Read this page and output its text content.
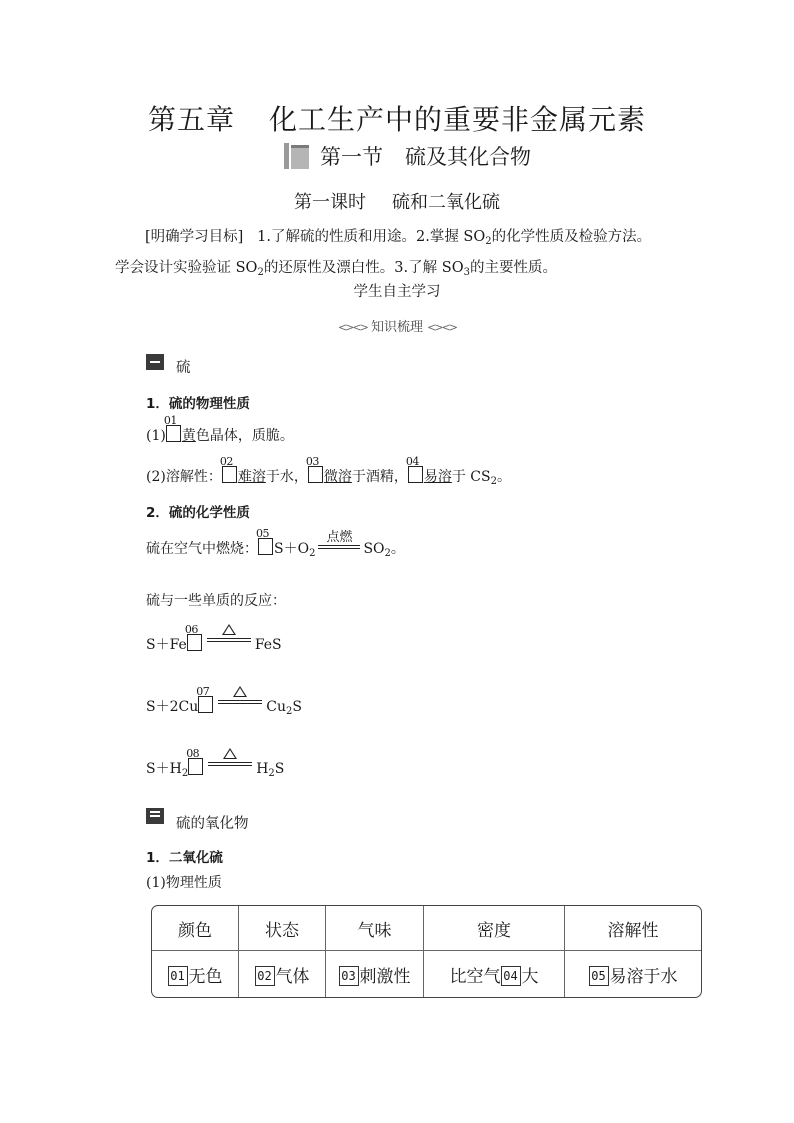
第五章 化工生产中的重要非金属元素
第一节 硫及其化合物
第一课时 硫和二氧化硫
[明确学习目标] 1.了解硫的性质和用途。2.掌握 $SO_2$的化学性质及检验方法。
学会设计实验验证 $SO_2$的还原性及漂白性。3.了解 $SO_3$的主要性质。
学生自主学习
<><> 知识梳理 <><>
硫
1．硫的物理性质
(1)
01
黄色晶体，质脆。
(2)溶解性：
02
难溶于水，
03
微溶于酒精，
04
易溶于 $CS_2$。
2．硫的化学性质
硫在空气中燃烧：
05
$S+O_2$
点燃
$SO_2$。
硫与一些单质的反应：
S＋Fe
06
FeS
S＋2Cu
07
$Cu_2S$
$S+H_2$
08
$H_2S$
硫的氧化物
1．二氧化硫
(1)物理性质
颜色	状态	气味	密度	溶解性
01 无色	02 气体	03 刺激性	比空气 04 大	05 易溶于水
